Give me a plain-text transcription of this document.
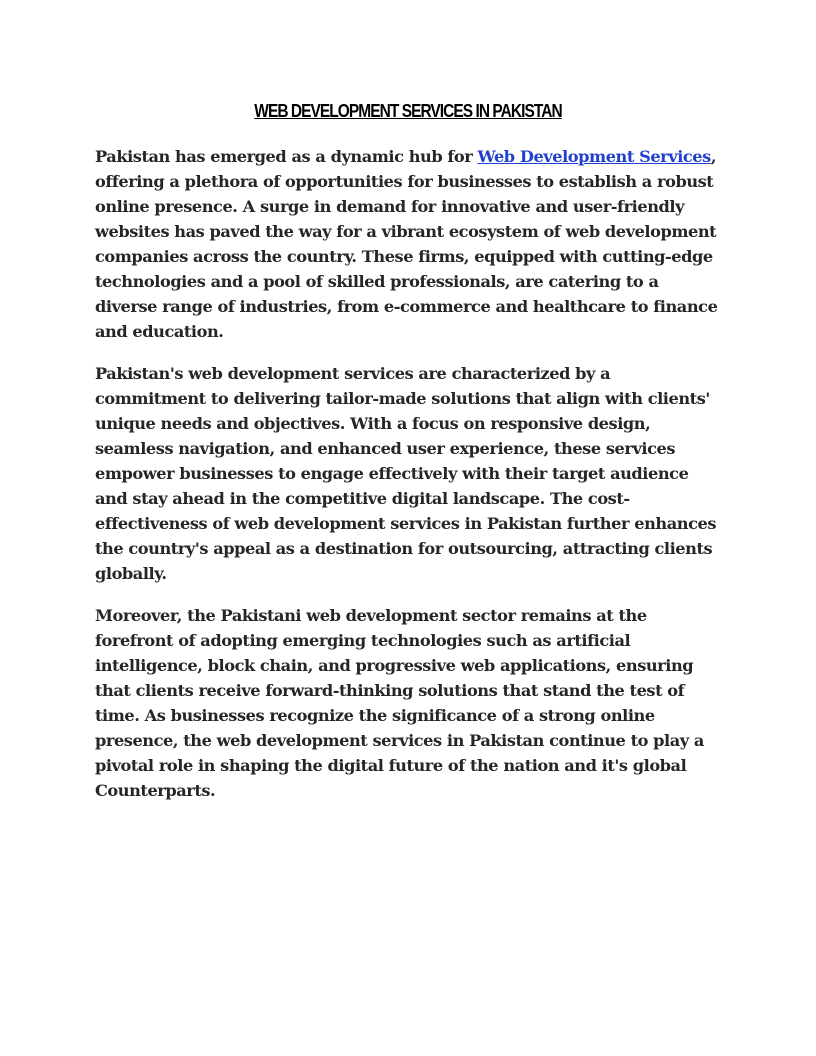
WEB DEVELOPMENT SERVICES IN PAKISTAN

Pakistan has emerged as a dynamic hub for Web Development Services, offering a plethora of opportunities for businesses to establish a robust online presence. A surge in demand for innovative and user-friendly websites has paved the way for a vibrant ecosystem of web development companies across the country. These firms, equipped with cutting-edge technologies and a pool of skilled professionals, are catering to a diverse range of industries, from e-commerce and healthcare to finance and education.

Pakistan's web development services are characterized by a commitment to delivering tailor-made solutions that align with clients' unique needs and objectives. With a focus on responsive design, seamless navigation, and enhanced user experience, these services empower businesses to engage effectively with their target audience and stay ahead in the competitive digital landscape. The cost-effectiveness of web development services in Pakistan further enhances the country's appeal as a destination for outsourcing, attracting clients globally.

Moreover, the Pakistani web development sector remains at the forefront of adopting emerging technologies such as artificial intelligence, block chain, and progressive web applications, ensuring that clients receive forward-thinking solutions that stand the test of time. As businesses recognize the significance of a strong online presence, the web development services in Pakistan continue to play a pivotal role in shaping the digital future of the nation and it's global Counterparts.
